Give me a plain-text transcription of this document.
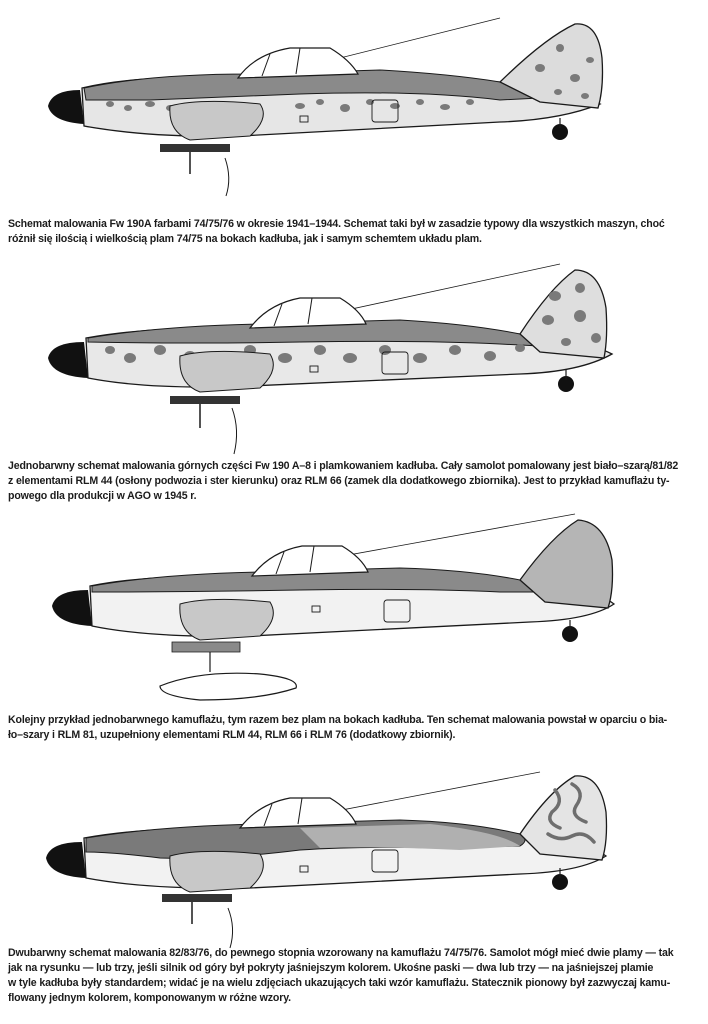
Schemat malowania Fw 190A farbami 74/75/76 w okresie 1941–1944. Schemat taki był w zasadzie typowy dla wszystkich maszyn, choć

różnił się ilością i wielkością plam 74/75 na bokach kadłuba, jak i samym schemtem układu plam.

Jednobarwny schemat malowania górnych części Fw 190 A–8 i plamkowaniem kadłuba. Cały samolot pomalowany jest biało–szarą/81/82

z elementami RLM 44 (osłony podwozia i ster kierunku) oraz RLM 66 (zamek dla dodatkowego zbiornika). Jest to przykład kamuflażu ty-

powego dla produkcji w AGO w 1945 r.

Kolejny przykład jednobarwnego kamuflażu, tym razem bez plam na bokach kadłuba. Ten schemat malowania powstał w oparciu o bia-

ło–szary i RLM 81, uzupełniony elementami RLM 44, RLM 66 i RLM 76 (dodatkowy zbiornik).

Dwubarwny schemat malowania 82/83/76, do pewnego stopnia wzorowany na kamuflażu 74/75/76. Samolot mógł mieć dwie plamy — tak

jak na rysunku — lub trzy, jeśli silnik od góry był pokryty jaśniejszym kolorem. Ukośne paski — dwa lub trzy — na jaśniejszej plamie

w tyle kadłuba były standardem; widać je na wielu zdjęciach ukazujących taki wzór kamuflażu. Statecznik pionowy był zazwyczaj kamu-

flowany jednym kolorem, komponowanym w różne wzory.
